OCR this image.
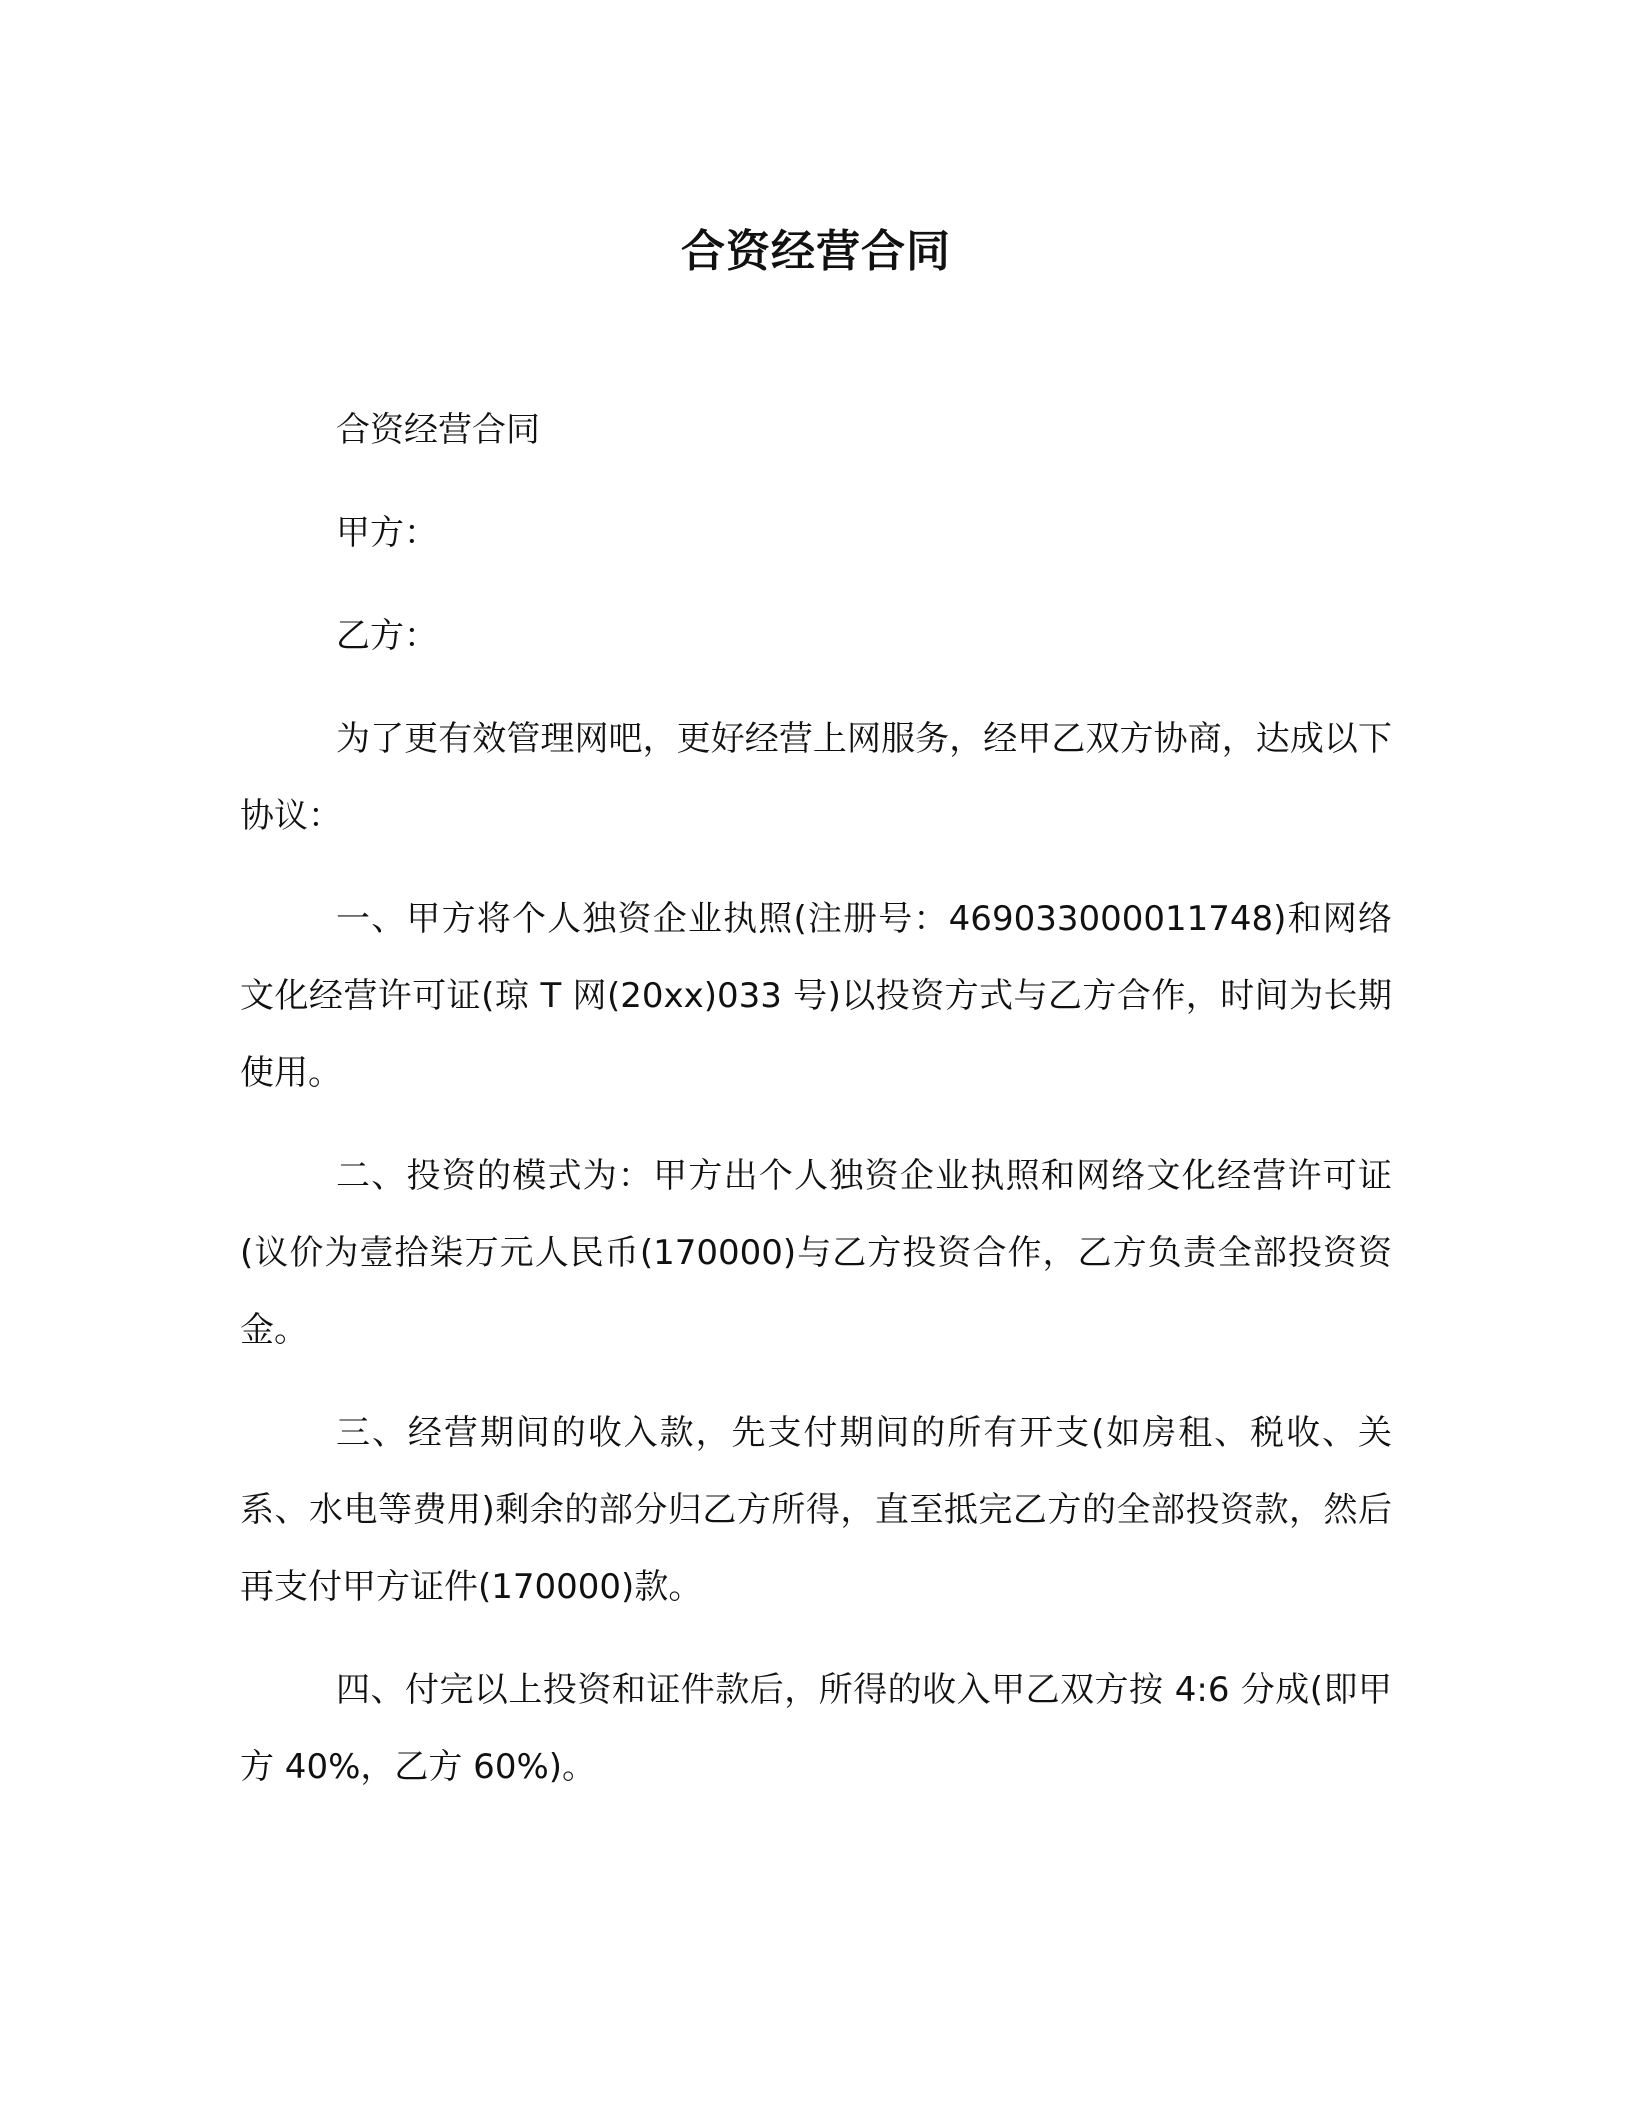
合资经营合同

合资经营合同

甲方：

乙方：

为了更有效管理网吧，更好经营上网服务，经甲乙双方协商，达成以下协议：

一、甲方将个人独资企业执照(注册号：469033000011748)和网络文化经营许可证(琼 T 网(20xx)033 号)以投资方式与乙方合作，时间为长期使用。

二、投资的模式为：甲方出个人独资企业执照和网络文化经营许可证(议价为壹拾柒万元人民币(170000)与乙方投资合作，乙方负责全部投资资金。

三、经营期间的收入款，先支付期间的所有开支(如房租、税收、关系、水电等费用)剩余的部分归乙方所得，直至抵完乙方的全部投资款，然后再支付甲方证件(170000)款。

四、付完以上投资和证件款后，所得的收入甲乙双方按 4:6 分成(即甲方 40%，乙方 60%)。
